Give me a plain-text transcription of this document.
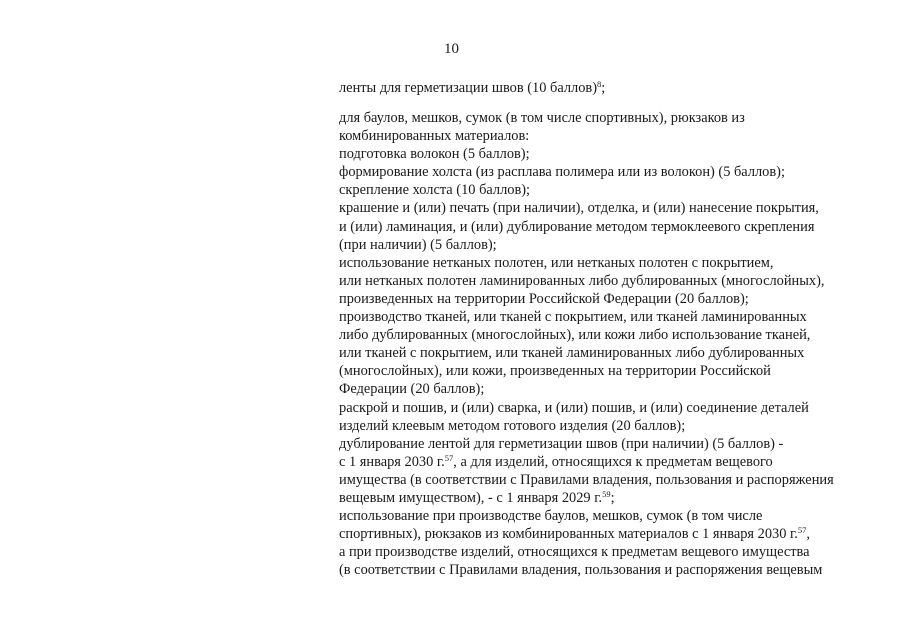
10
ленты для герметизации швов (10 баллов)$^8$;
для баулов, мешков, сумок (в том числе спортивных), рюкзаков из
комбинированных материалов:
подготовка волокон (5 баллов);
формирование холста (из расплава полимера или из волокон) (5 баллов);
скрепление холста (10 баллов);
крашение и (или) печать (при наличии), отделка, и (или) нанесение покрытия,
и (или) ламинация, и (или) дублирование методом термоклеевого скрепления
(при наличии) (5 баллов);
использование нетканых полотен, или нетканых полотен с покрытием,
или нетканых полотен ламинированных либо дублированных (многослойных),
произведенных на территории Российской Федерации (20 баллов);
производство тканей, или тканей с покрытием, или тканей ламинированных
либо дублированных (многослойных), или кожи либо использование тканей,
или тканей с покрытием, или тканей ламинированных либо дублированных
(многослойных), или кожи, произведенных на территории Российской
Федерации (20 баллов);
раскрой и пошив, и (или) сварка, и (или) пошив, и (или) соединение деталей
изделий клеевым методом готового изделия (20 баллов);
дублирование лентой для герметизации швов (при наличии) (5 баллов) -
с 1 января 2030 г.$^{57}$, а для изделий, относящихся к предметам вещевого
имущества (в соответствии с Правилами владения, пользования и распоряжения
вещевым имуществом), - с 1 января 2029 г.$^{59}$;
использование при производстве баулов, мешков, сумок (в том числе
спортивных), рюкзаков из комбинированных материалов с 1 января 2030 г.$^{57}$,
а при производстве изделий, относящихся к предметам вещевого имущества
(в соответствии с Правилами владения, пользования и распоряжения вещевым
